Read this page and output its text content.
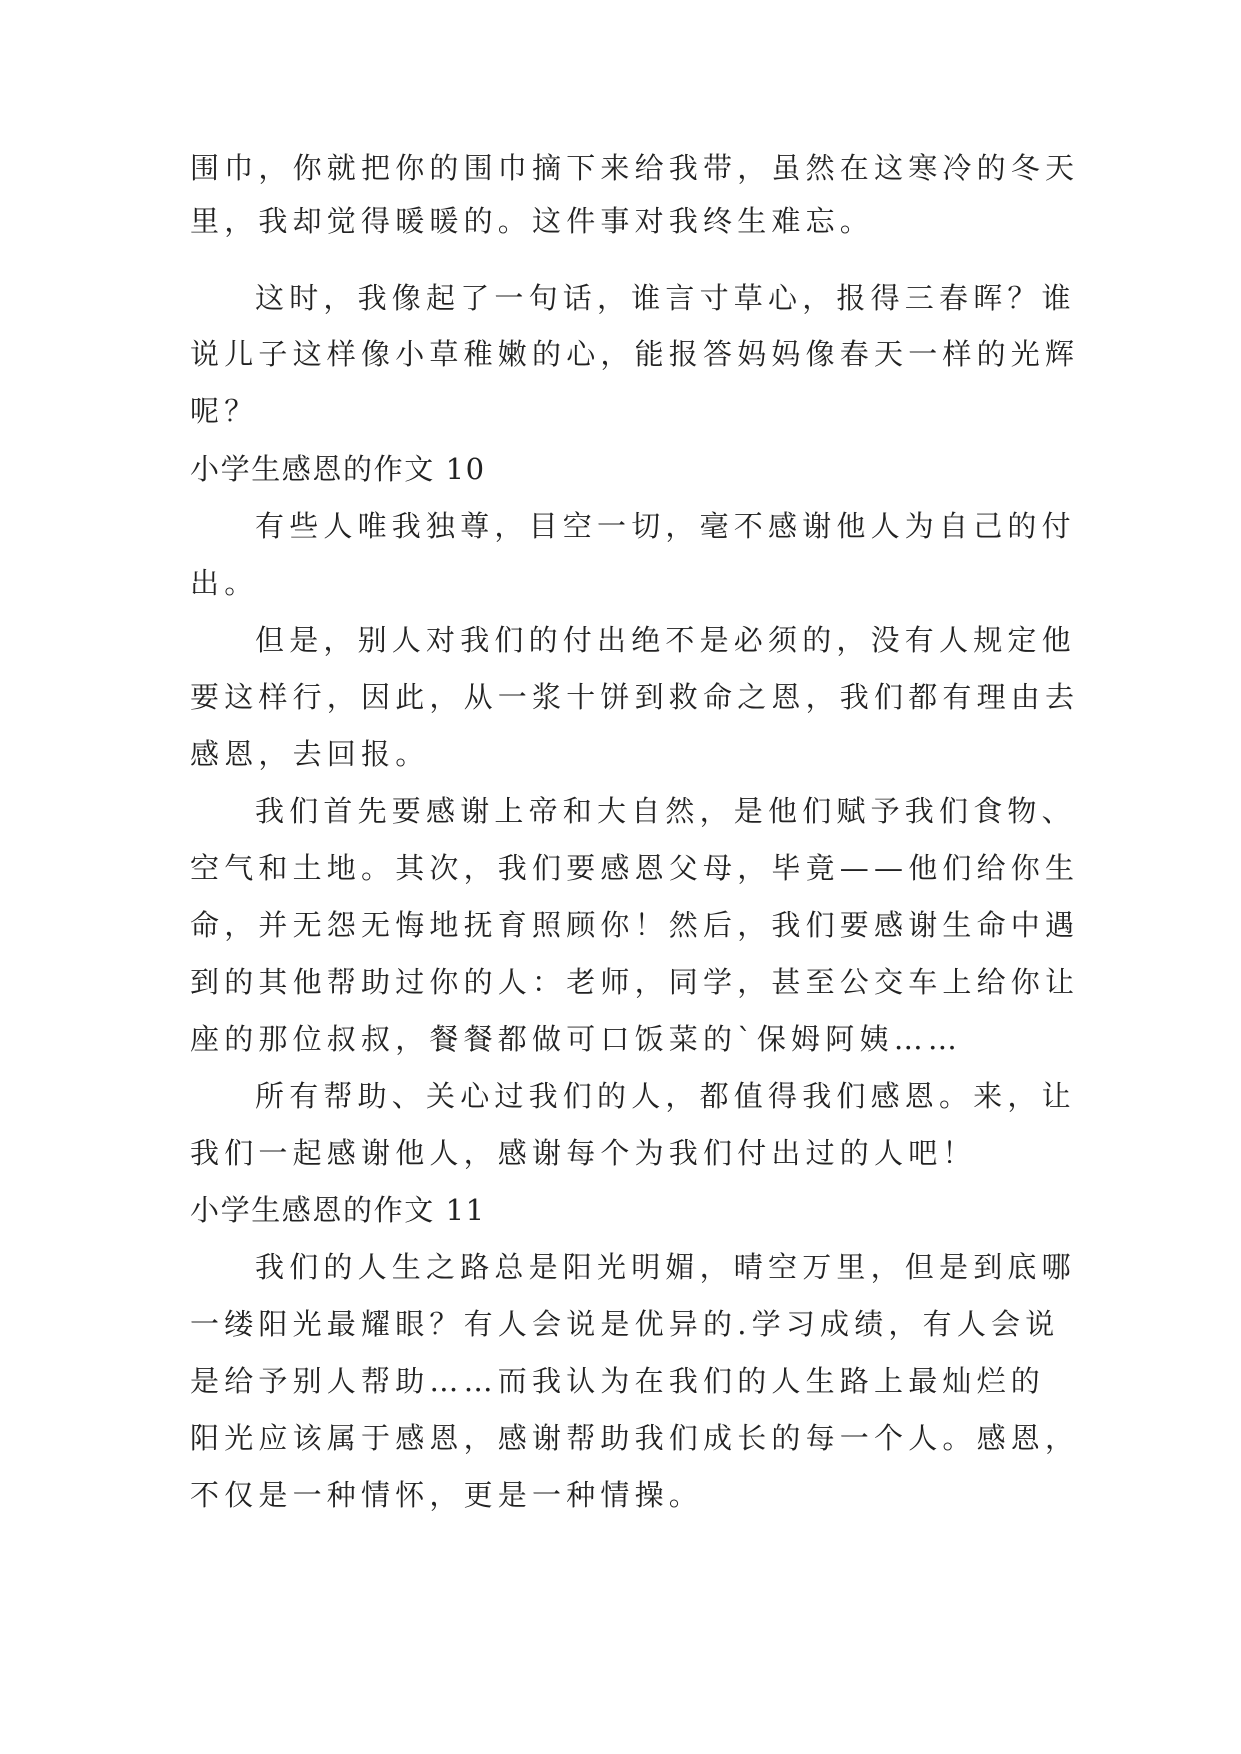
围巾，你就把你的围巾摘下来给我带，虽然在这寒冷的冬天
里，我却觉得暖暖的。这件事对我终生难忘。
这时，我像起了一句话，谁言寸草心，报得三春晖？谁
说儿子这样像小草稚嫩的心，能报答妈妈像春天一样的光辉
呢？
小学生感恩的作文 10
有些人唯我独尊，目空一切，毫不感谢他人为自己的付
出。
但是，别人对我们的付出绝不是必须的，没有人规定他
要这样行，因此，从一浆十饼到救命之恩，我们都有理由去
感恩，去回报。
我们首先要感谢上帝和大自然，是他们赋予我们食物、
空气和土地。其次，我们要感恩父母，毕竟——他们给你生
命，并无怨无悔地抚育照顾你！然后，我们要感谢生命中遇
到的其他帮助过你的人：老师，同学，甚至公交车上给你让
座的那位叔叔，餐餐都做可口饭菜的`保姆阿姨……
所有帮助、关心过我们的人，都值得我们感恩。来，让
我们一起感谢他人，感谢每个为我们付出过的人吧！
小学生感恩的作文 11
我们的人生之路总是阳光明媚，晴空万里，但是到底哪
一缕阳光最耀眼？有人会说是优异的.学习成绩，有人会说
是给予别人帮助……而我认为在我们的人生路上最灿烂的
阳光应该属于感恩，感谢帮助我们成长的每一个人。感恩，
不仅是一种情怀，更是一种情操。
